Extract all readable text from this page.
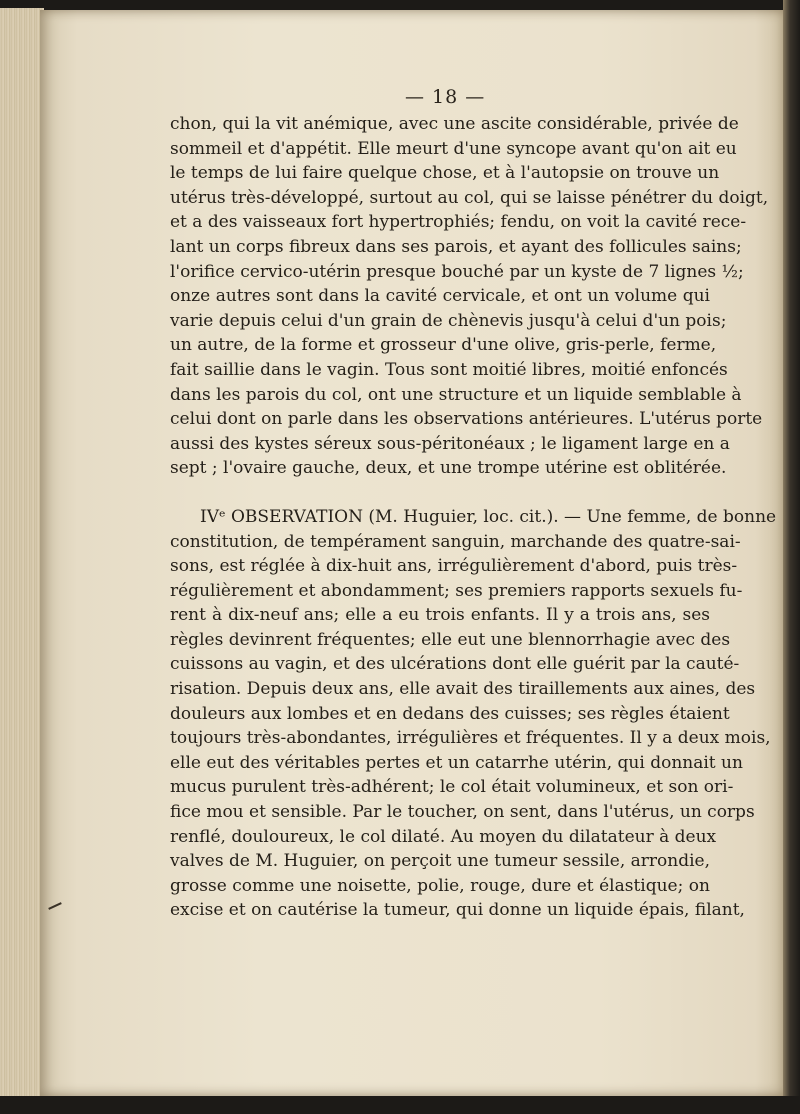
— 18 —
chon, qui la vit anémique, avec une ascite considérable, privée de
sommeil et d'appétit. Elle meurt d'une syncope avant qu'on ait eu
le temps de lui faire quelque chose, et à l'autopsie on trouve un
utérus très-développé, surtout au col, qui se laisse pénétrer du doigt,
et a des vaisseaux fort hypertrophiés; fendu, on voit la cavité rece-
lant un corps fibreux dans ses parois, et ayant des follicules sains;
l'orifice cervico-utérin presque bouché par un kyste de 7 lignes ½;
onze autres sont dans la cavité cervicale, et ont un volume qui
varie depuis celui d'un grain de chènevis jusqu'à celui d'un pois;
un autre, de la forme et grosseur d'une olive, gris-perle, ferme,
fait saillie dans le vagin. Tous sont moitié libres, moitié enfoncés
dans les parois du col, ont une structure et un liquide semblable à
celui dont on parle dans les observations antérieures. L'utérus porte
aussi des kystes séreux sous-péritonéaux ; le ligament large en a
sept ; l'ovaire gauche, deux, et une trompe utérine est oblitérée.
IVᵉ OBSERVATION (M. Huguier, loc. cit.). — Une femme, de bonne
constitution, de tempérament sanguin, marchande des quatre-sai-
sons, est réglée à dix-huit ans, irrégulièrement d'abord, puis très-
régulièrement et abondamment; ses premiers rapports sexuels fu-
rent à dix-neuf ans; elle a eu trois enfants. Il y a trois ans, ses
règles devinrent fréquentes; elle eut une blennorrhagie avec des
cuissons au vagin, et des ulcérations dont elle guérit par la cauté-
risation. Depuis deux ans, elle avait des tiraillements aux aines, des
douleurs aux lombes et en dedans des cuisses; ses règles étaient
toujours très-abondantes, irrégulières et fréquentes. Il y a deux mois,
elle eut des véritables pertes et un catarrhe utérin, qui donnait un
mucus purulent très-adhérent; le col était volumineux, et son ori-
fice mou et sensible. Par le toucher, on sent, dans l'utérus, un corps
renflé, douloureux, le col dilaté. Au moyen du dilatateur à deux
valves de M. Huguier, on perçoit une tumeur sessile, arrondie,
grosse comme une noisette, polie, rouge, dure et élastique; on
excise et on cautérise la tumeur, qui donne un liquide épais, filant,
